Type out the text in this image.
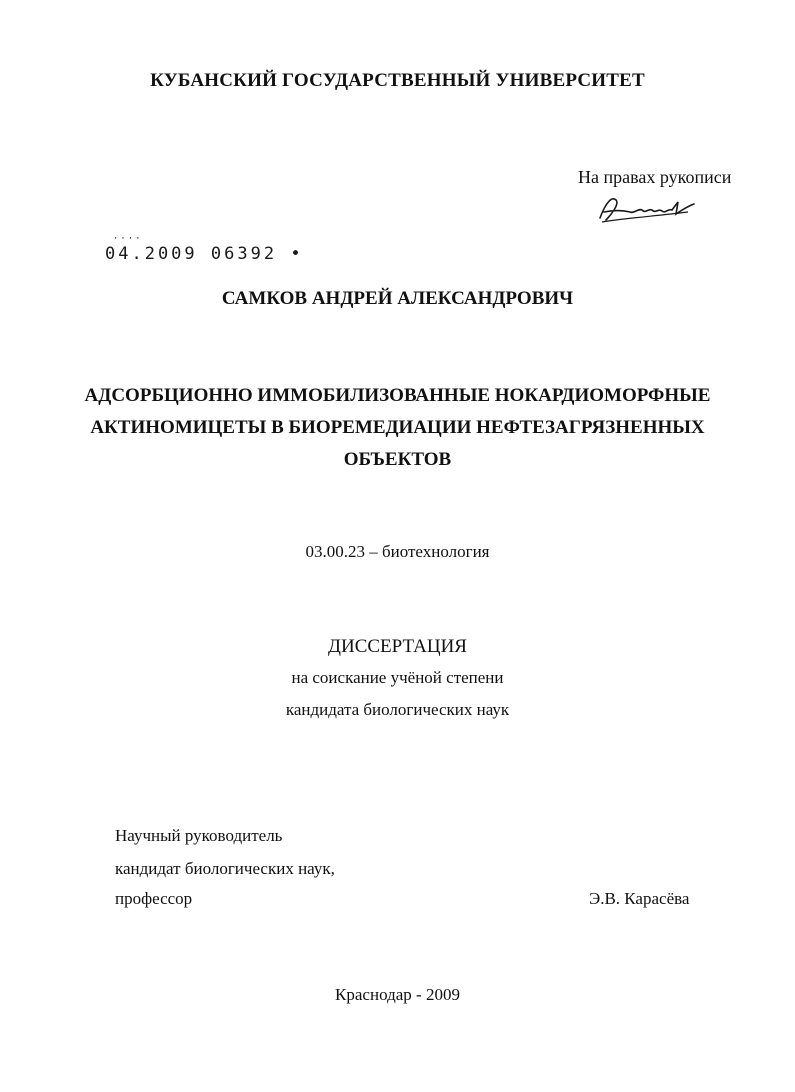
КУБАНСКИЙ ГОСУДАРСТВЕННЫЙ УНИВЕРСИТЕТ
На правах рукописи
⋅⋅⋅⋅
04.2009 06392 •
САМКОВ АНДРЕЙ АЛЕКСАНДРОВИЧ
АДСОРБЦИОННО ИММОБИЛИЗОВАННЫЕ НОКАРДИОМОРФНЫЕ
АКТИНОМИЦЕТЫ В БИОРЕМЕДИАЦИИ НЕФТЕЗАГРЯЗНЕННЫХ
ОБЪЕКТОВ
03.00.23 – биотехнология
ДИССЕРТАЦИЯ
на соискание учёной степени
кандидата биологических наук
Научный руководитель
кандидат биологических наук,
профессор	Э.В. Карасёва
Краснодар - 2009
